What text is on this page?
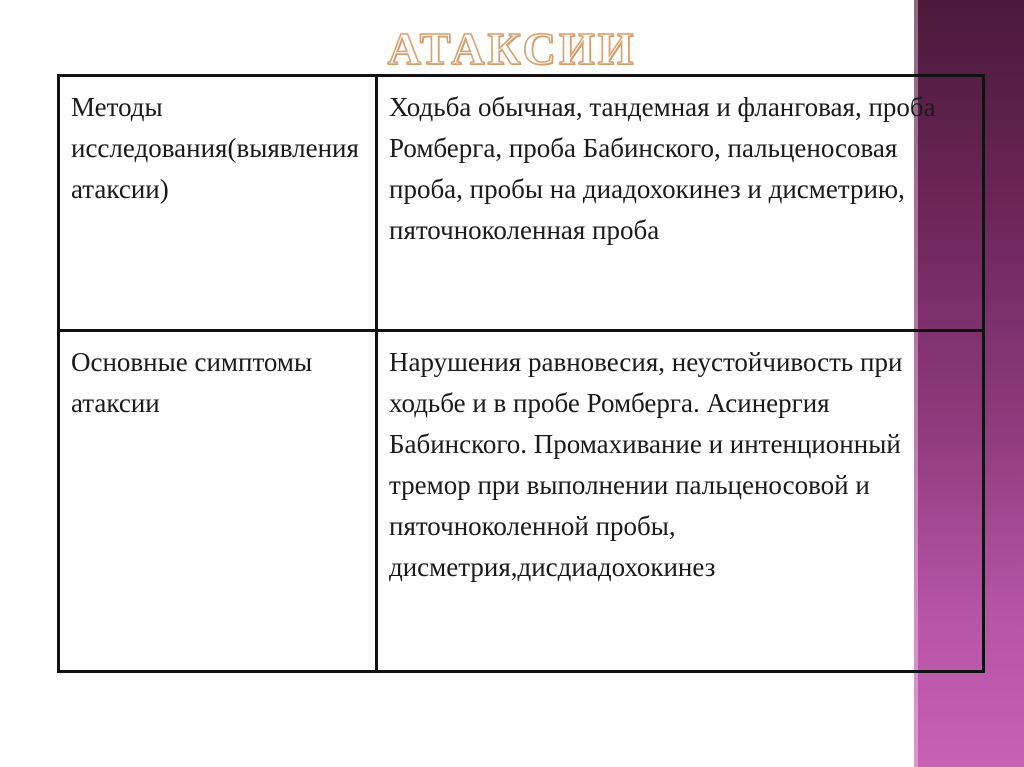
АТАКСИИ
Методы исследования(выявления атаксии)	Ходьба обычная, тандемная и фланговая, проба Ромберга, проба Бабинского, пальценосовая проба, пробы на диадохокинез и дисметрию, пяточноколенная проба
Основные симптомы атаксии	Нарушения равновесия, неустойчивость при ходьбе и в пробе Ромберга. Асинергия Бабинского. Промахивание и интенционный тремор при выполнении пальценосовой и пяточноколенной пробы, дисметрия,дисдиадохокинез
